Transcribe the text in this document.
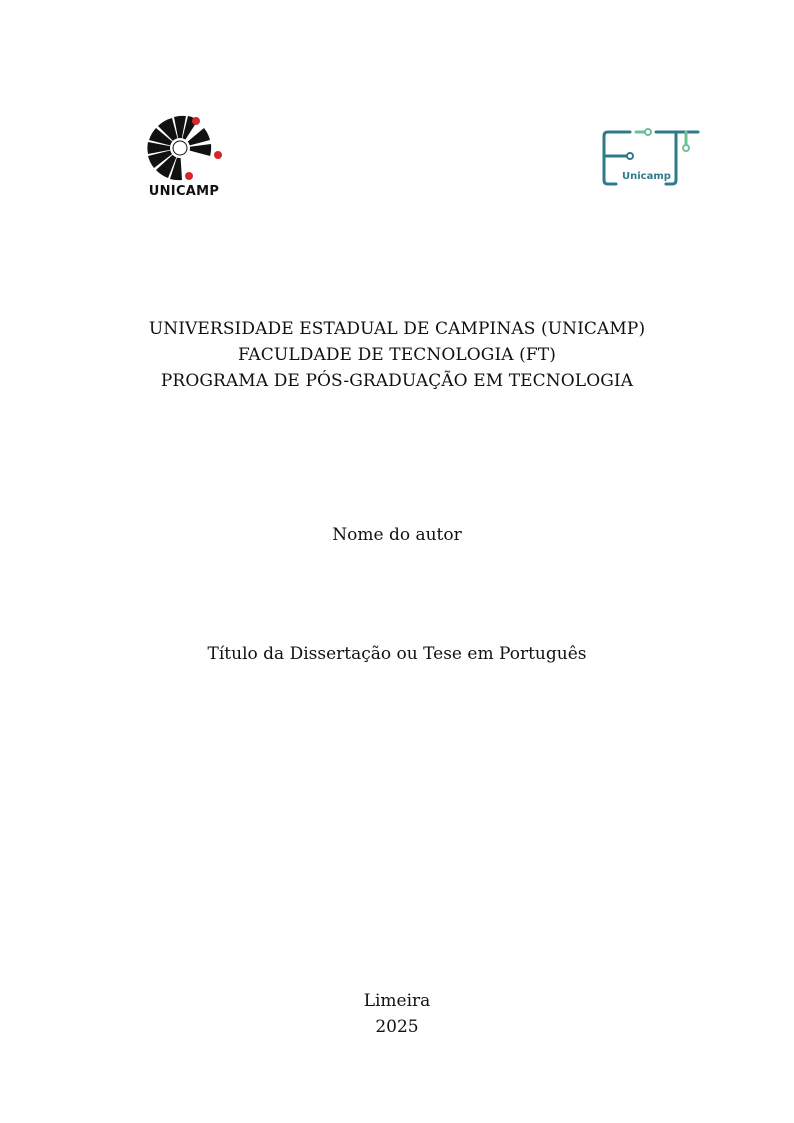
UNICAMP
Unicamp
UNIVERSIDADE ESTADUAL DE CAMPINAS (UNICAMP)
FACULDADE DE TECNOLOGIA (FT)
PROGRAMA DE PÓS-GRADUAÇÃO EM TECNOLOGIA
Nome do autor
Título da Dissertação ou Tese em Português
Limeira
2025
